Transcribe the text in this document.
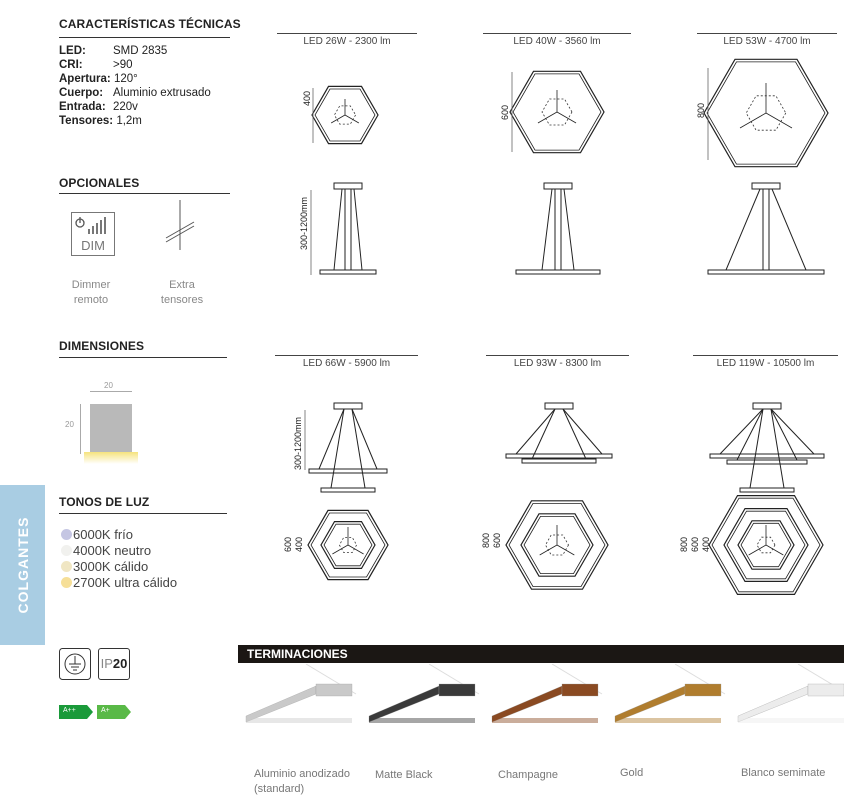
CARACTERÍSTICAS TÉCNICAS
LED: SMD 2835
CRI:	>90
Apertura: 120°
Cuerpo: Aluminio extrusado
Entrada: 220v
Tensores: 1,2m
OPCIONALES
DIM
Dimmer
remoto
Extra
tensores
DIMENSIONES
20
20
TONOS DE LUZ
6000K frío
4000K neutro
3000K cálido
2700K ultra cálido
COLGANTES
IP20
A++	A+
LED 26W - 2300 lm	LED 40W - 3560 lm	LED 53W - 4700 lm
LED 66W - 5900 lm	LED 93W - 8300 lm	LED 119W - 10500 lm
400
600	800
300-1200mm
300-1200mm
600 400	800 600	800 600 400
TERMINACIONES
Aluminio anodizado
(standard)
Matte Black	Champagne	Gold	Blanco semimate
